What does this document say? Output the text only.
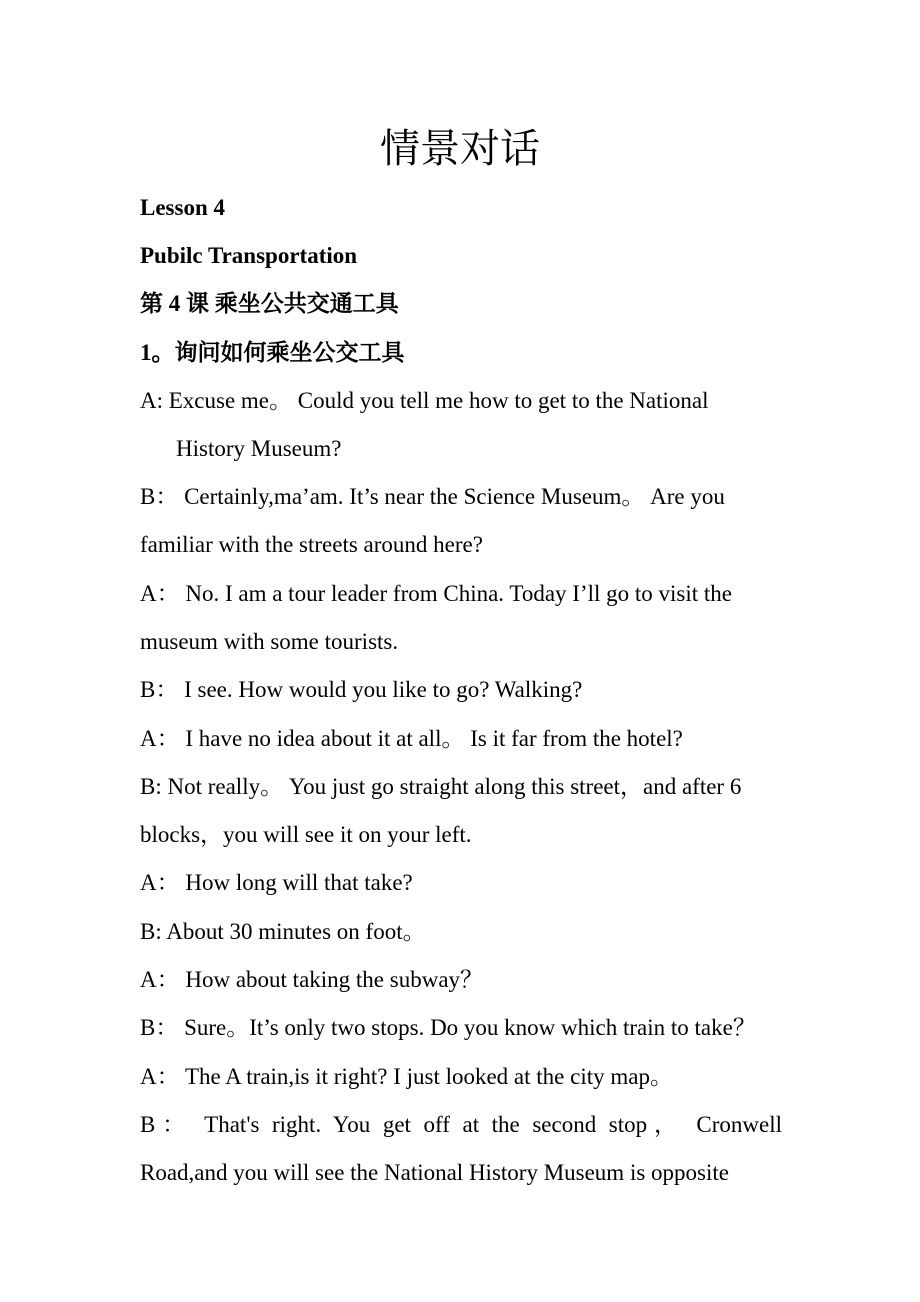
情景对话

Lesson 4

Pubilc Transportation

第 4 课 乘坐公共交通工具

1。询问如何乘坐公交工具

A: Excuse me。 Could you tell me how to get to the National

History Museum?

B： Certainly,ma’am. It’s near the Science Museum。 Are you

familiar with the streets around here?

A： No. I am a tour leader from China. Today I’ll go to visit the

museum with some tourists.

B： I see. How would you like to go? Walking?

A： I have no idea about it at all。 Is it far from the hotel?

B: Not really。 You just go straight along this street，and after 6

blocks，you will see it on your left.

A： How long will that take?

B: About 30 minutes on foot。

A： How about taking the subway？

B： Sure。It’s only two stops. Do you know which train to take？

A： The A train,is it right? I just looked at the city map。

B： That's right. You get off at the second stop， Cronwell

Road,and you will see the National History Museum is opposite
